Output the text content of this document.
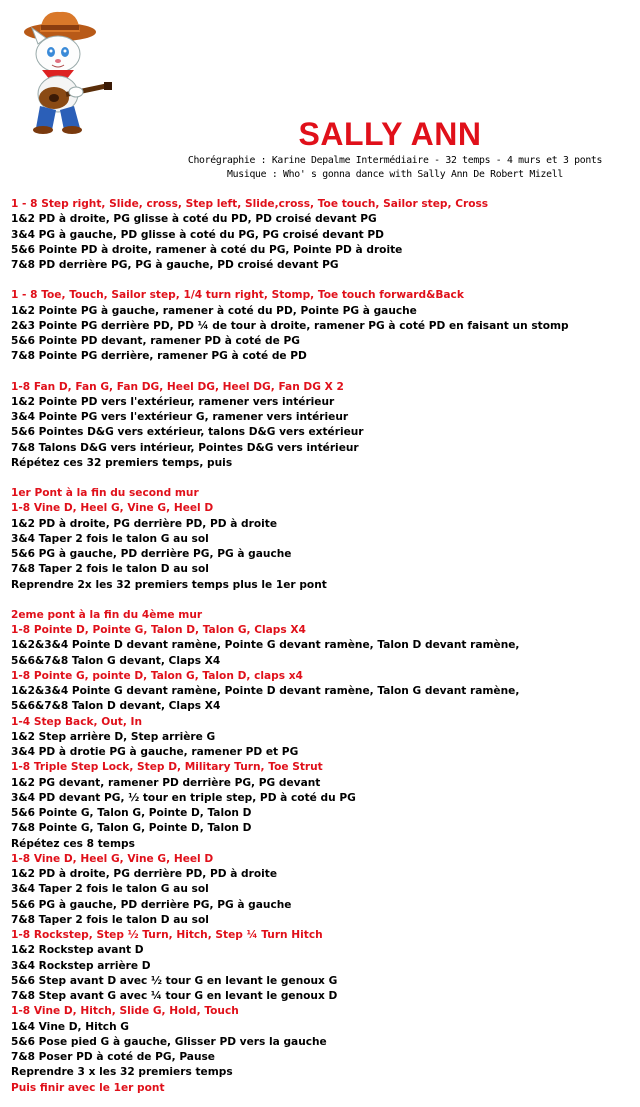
SALLY ANN
Chorégraphie : Karine Depalme Intermédiaire - 32 temps - 4 murs et 3 ponts
Musique : Who' s gonna dance with Sally Ann De Robert Mizell
1 - 8 Step right, Slide, cross, Step left, Slide,cross, Toe touch, Sailor step, Cross
1&2 PD à droite, PG glisse à coté du PD, PD croisé devant PG
3&4 PG à gauche, PD glisse à coté du PG, PG croisé devant PD
5&6 Pointe PD à droite, ramener à coté du PG, Pointe PD à droite
7&8 PD derrière PG, PG à gauche, PD croisé devant PG
1 - 8 Toe, Touch, Sailor step, 1/4 turn right, Stomp, Toe touch forward&Back
1&2 Pointe PG à gauche, ramener à coté du PD, Pointe PG à gauche
2&3 Pointe PG derrière PD, PD ¼ de tour à droite, ramener PG à coté PD en faisant un stomp
5&6 Pointe PD devant, ramener PD à coté de PG
7&8 Pointe PG derrière, ramener PG à coté de PD
1-8 Fan D, Fan G, Fan DG, Heel DG, Heel DG, Fan DG X 2
1&2 Pointe PD vers l'extérieur, ramener vers intérieur
3&4 Pointe PG vers l'extérieur G, ramener vers intérieur
5&6 Pointes D&G vers extérieur, talons D&G vers extérieur
7&8 Talons D&G vers intérieur, Pointes D&G vers intérieur
Répétez ces 32 premiers temps, puis
1er Pont à la fin du second mur
1-8 Vine D, Heel G, Vine G, Heel D
1&2 PD à droite, PG derrière PD, PD à droite
3&4 Taper 2 fois le talon G au sol
5&6 PG à gauche, PD derrière PG, PG à gauche
7&8 Taper 2 fois le talon D au sol
Reprendre 2x les 32 premiers temps plus le 1er pont
2eme pont à la fin du 4ème mur
1-8 Pointe D, Pointe G, Talon D, Talon G, Claps X4
1&2&3&4 Pointe D devant ramène, Pointe G devant ramène, Talon D devant ramène,
5&6&7&8 Talon G devant, Claps X4
1-8 Pointe G, pointe D, Talon G, Talon D, claps x4
1&2&3&4 Pointe G devant ramène, Pointe D devant ramène, Talon G devant ramène,
5&6&7&8 Talon D devant, Claps X4
1-4 Step Back, Out, In
1&2 Step arrière D, Step arrière G
3&4 PD à drotie PG à gauche, ramener PD et PG
1-8 Triple Step Lock, Step D, Military Turn, Toe Strut
1&2 PG devant, ramener PD derrière PG, PG devant
3&4 PD devant PG, ½ tour en triple step, PD à coté du PG
5&6 Pointe G, Talon G, Pointe D, Talon D
7&8 Pointe G, Talon G, Pointe D, Talon D
Répétez ces 8 temps
1-8 Vine D, Heel G, Vine G, Heel D
1&2 PD à droite, PG derrière PD, PD à droite
3&4 Taper 2 fois le talon G au sol
5&6 PG à gauche, PD derrière PG, PG à gauche
7&8 Taper 2 fois le talon D au sol
1-8 Rockstep, Step ½ Turn, Hitch, Step ¼ Turn Hitch
1&2 Rockstep avant D
3&4 Rockstep arrière D
5&6 Step avant D avec ½ tour G en levant le genoux G
7&8 Step avant G avec ¼ tour G en levant le genoux D
1-8 Vine D, Hitch, Slide G, Hold, Touch
1&4 Vine D, Hitch G
5&6 Pose pied G à gauche, Glisser PD vers la gauche
7&8 Poser PD à coté de PG, Pause
Reprendre 3 x les 32 premiers temps
Puis finir avec le 1er pont
